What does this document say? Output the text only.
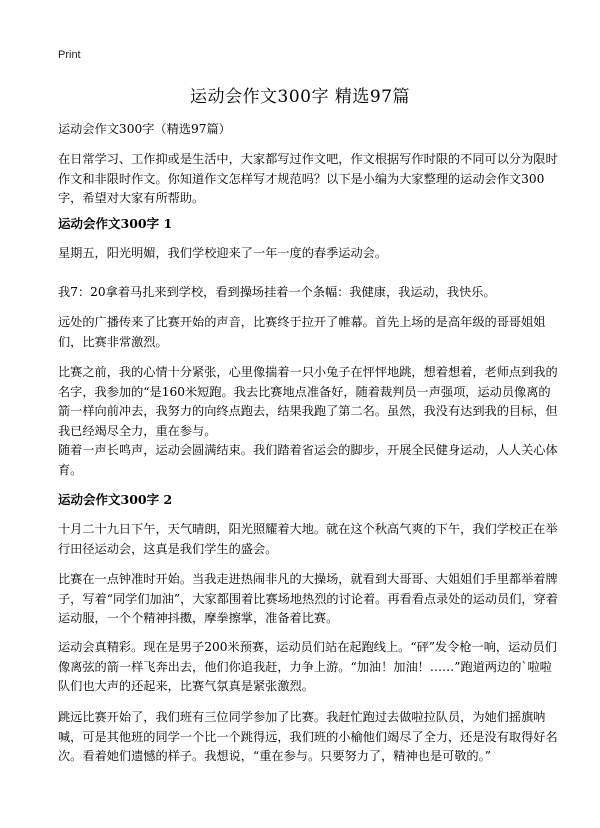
Print
运动会作文300字 精选97篇
运动会作文300字（精选97篇）
在日常学习、工作抑或是生活中，大家都写过作文吧，作文根据写作时限的不同可以分为限时作文和非限时作文。你知道作文怎样写才规范吗？以下是小编为大家整理的运动会作文300字，希望对大家有所帮助。
运动会作文300字 1
星期五，阳光明媚，我们学校迎来了一年一度的春季运动会。
我7：20拿着马扎来到学校，看到操场挂着一个条幅：我健康，我运动，我快乐。
远处的广播传来了比赛开始的声音，比赛终于拉开了帷幕。首先上场的是高年级的哥哥姐姐们，比赛非常激烈。
比赛之前，我的心情十分紧张，心里像揣着一只小兔子在怦怦地跳，想着想着，老师点到我的名字，我参加的“是160米短跑。我去比赛地点准备好，随着裁判员一声强项，运动员像离的箭一样向前冲去，我努力的向终点跑去，结果我跑了第二名。虽然，我没有达到我的目标，但我已经竭尽全力，重在参与。
随着一声长鸣声，运动会圆满结束。我们踏着省运会的脚步，开展全民健身运动，人人关心体育。
运动会作文300字 2
十月二十九日下午，天气晴朗，阳光照耀着大地。就在这个秋高气爽的下午，我们学校正在举行田径运动会，这真是我们学生的盛会。
比赛在一点钟准时开始。当我走进热闹非凡的大操场，就看到大哥哥、大姐姐们手里都举着牌子，写着“同学们加油”，大家都围着比赛场地热烈的讨论着。再看看点录处的运动员们，穿着运动服，一个个精神抖擞，摩拳擦掌，准备着比赛。
运动会真精彩。现在是男子200米预赛，运动员们站在起跑线上。“砰”发令枪一响，运动员们像离弦的箭一样飞奔出去，他们你追我赶，力争上游。“加油！加油！……”跑道两边的`啦啦队们也大声的还起来，比赛气氛真是紧张激烈。
跳远比赛开始了，我们班有三位同学参加了比赛。我赶忙跑过去做啦拉队员，为她们摇旗呐喊，可是其他班的同学一个比一个跳得远，我们班的小榆他们竭尽了全力，还是没有取得好名次。看着她们遗憾的样子。我想说，“重在参与。只要努力了，精神也是可敬的。”
